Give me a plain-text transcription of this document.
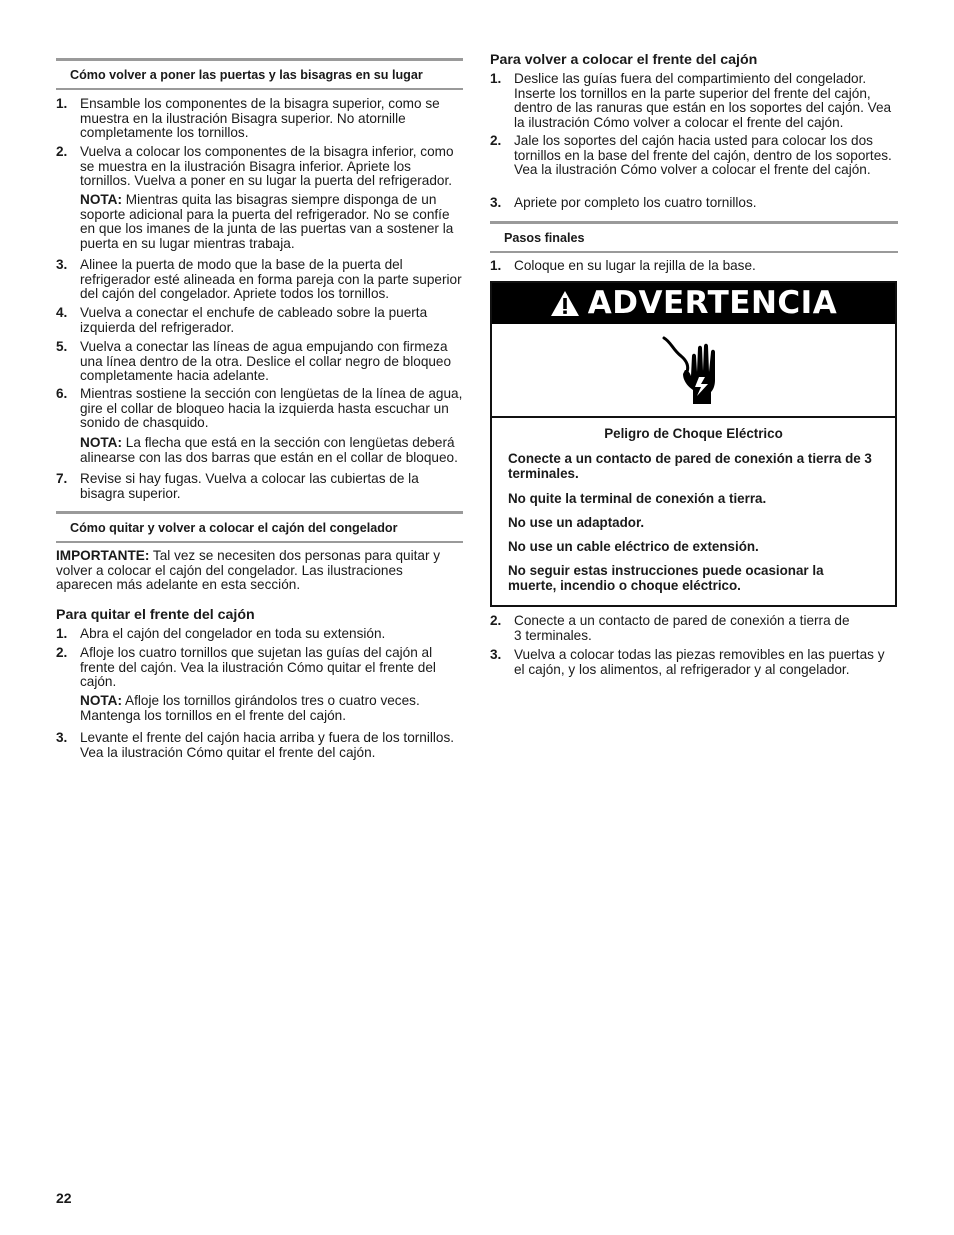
Cómo volver a poner las puertas y las bisagras en su lugar
1. Ensamble los componentes de la bisagra superior, como se muestra en la ilustración Bisagra superior. No atornille completamente los tornillos.
2. Vuelva a colocar los componentes de la bisagra inferior, como se muestra en la ilustración Bisagra inferior. Apriete los tornillos. Vuelva a poner en su lugar la puerta del refrigerador.
NOTA: Mientras quita las bisagras siempre disponga de un soporte adicional para la puerta del refrigerador. No se confíe en que los imanes de la junta de las puertas van a sostener la puerta en su lugar mientras trabaja.
3. Alinee la puerta de modo que la base de la puerta del refrigerador esté alineada en forma pareja con la parte superior del cajón del congelador. Apriete todos los tornillos.
4. Vuelva a conectar el enchufe de cableado sobre la puerta izquierda del refrigerador.
5. Vuelva a conectar las líneas de agua empujando con firmeza una línea dentro de la otra. Deslice el collar negro de bloqueo completamente hacia adelante.
6. Mientras sostiene la sección con lengüetas de la línea de agua, gire el collar de bloqueo hacia la izquierda hasta escuchar un sonido de chasquido.
NOTA: La flecha que está en la sección con lengüetas deberá alinearse con las dos barras que están en el collar de bloqueo.
7. Revise si hay fugas. Vuelva a colocar las cubiertas de la bisagra superior.
Cómo quitar y volver a colocar el cajón del congelador
IMPORTANTE: Tal vez se necesiten dos personas para quitar y volver a colocar el cajón del congelador. Las ilustraciones aparecen más adelante en esta sección.
Para quitar el frente del cajón
1. Abra el cajón del congelador en toda su extensión.
2. Afloje los cuatro tornillos que sujetan las guías del cajón al frente del cajón. Vea la ilustración Cómo quitar el frente del cajón.
NOTA: Afloje los tornillos girándolos tres o cuatro veces. Mantenga los tornillos en el frente del cajón.
3. Levante el frente del cajón hacia arriba y fuera de los tornillos. Vea la ilustración Cómo quitar el frente del cajón.
Para volver a colocar el frente del cajón
1. Deslice las guías fuera del compartimiento del congelador. Inserte los tornillos en la parte superior del frente del cajón, dentro de las ranuras que están en los soportes del cajón. Vea la ilustración Cómo volver a colocar el frente del cajón.
2. Jale los soportes del cajón hacia usted para colocar los dos tornillos en la base del frente del cajón, dentro de los soportes. Vea la ilustración Cómo volver a colocar el frente del cajón.
3. Apriete por completo los cuatro tornillos.
Pasos finales
1. Coloque en su lugar la rejilla de la base.
2. Conecte a un contacto de pared de conexión a tierra de 3 terminales.
3. Vuelva a colocar todas las piezas removibles en las puertas y el cajón, y los alimentos, al refrigerador y al congelador.
ADVERTENCIA
Peligro de Choque Eléctrico
Conecte a un contacto de pared de conexión a tierra de 3 terminales.
No quite la terminal de conexión a tierra.
No use un adaptador.
No use un cable eléctrico de extensión.
No seguir estas instrucciones puede ocasionar la muerte, incendio o choque eléctrico.
22
